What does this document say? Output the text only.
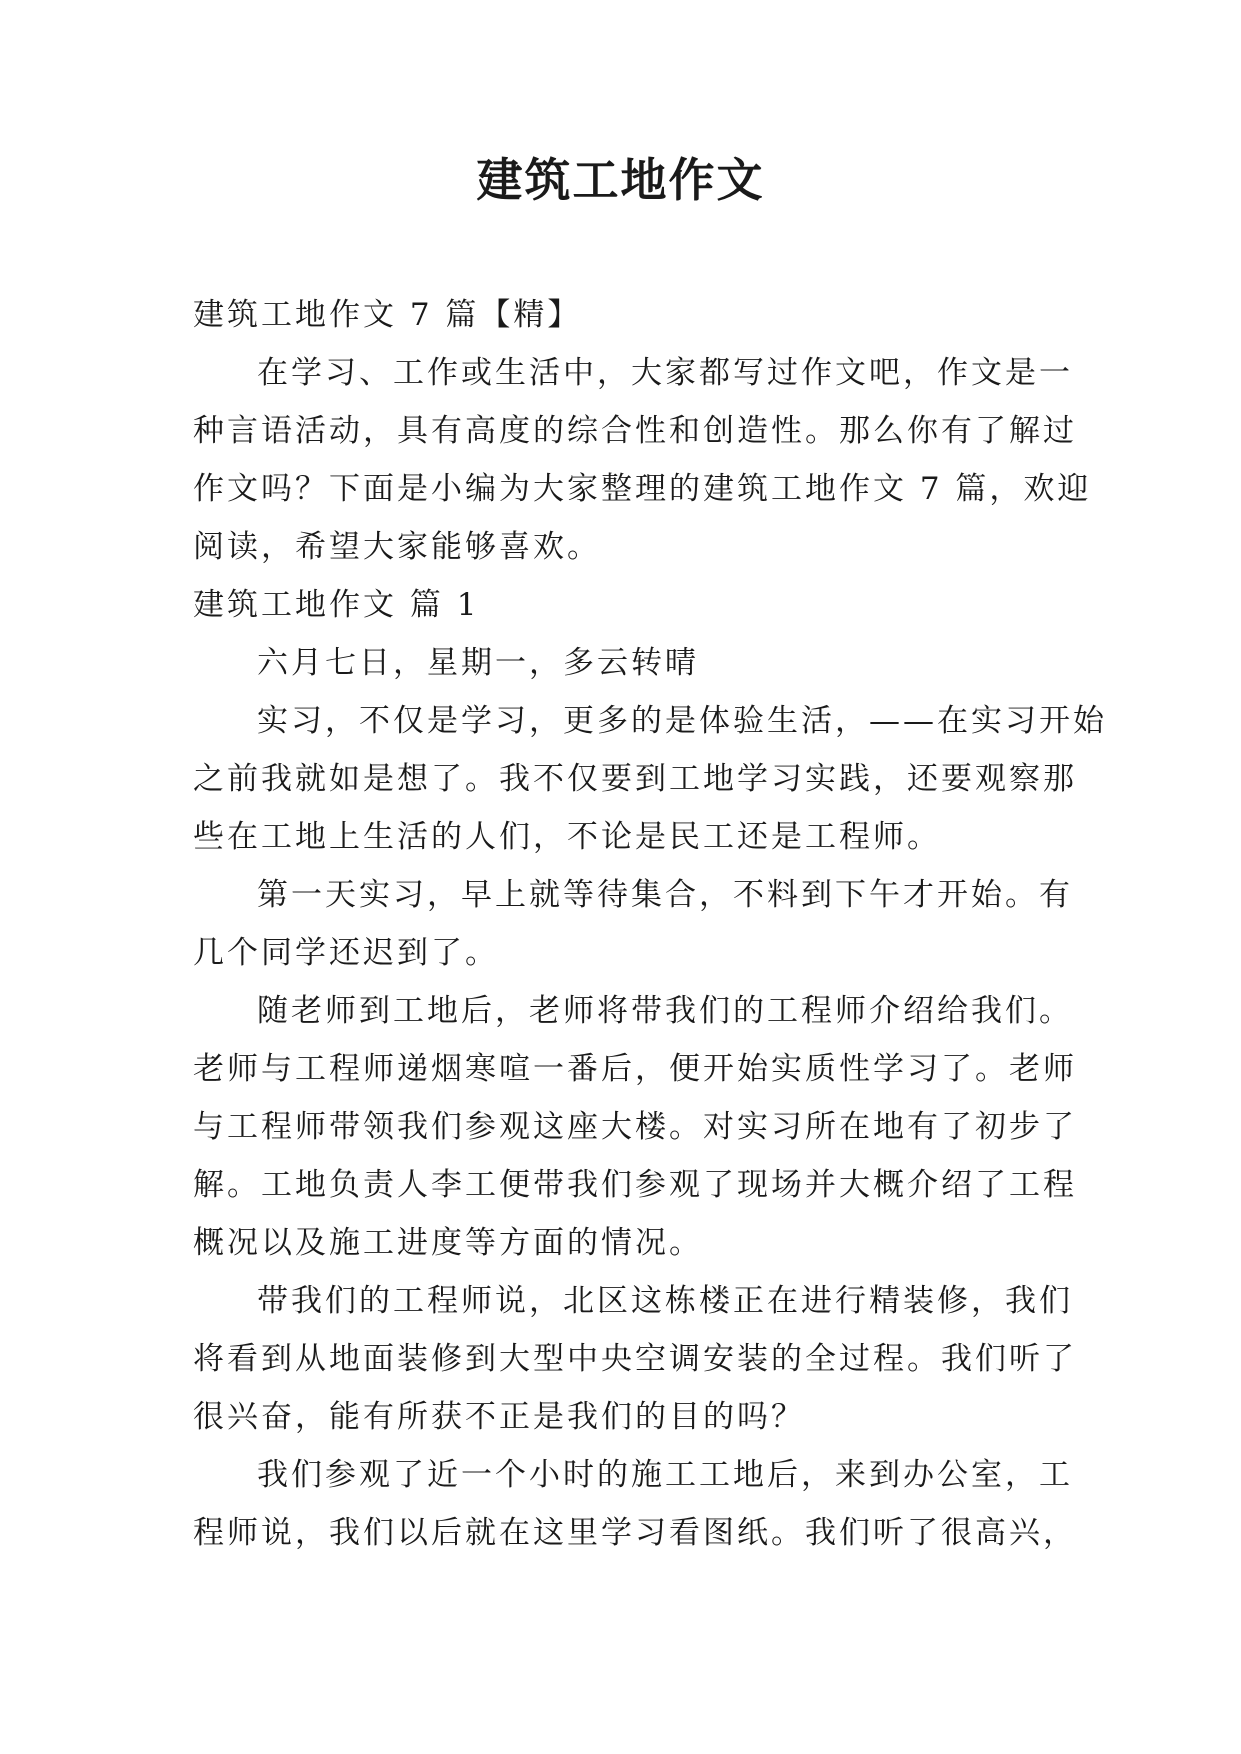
建筑工地作文

建筑工地作文 7 篇【精】

在学习、工作或生活中，大家都写过作文吧，作文是一

种言语活动，具有高度的综合性和创造性。那么你有了解过

作文吗？下面是小编为大家整理的建筑工地作文 7 篇，欢迎

阅读，希望大家能够喜欢。

建筑工地作文 篇 1

六月七日，星期一，多云转晴

实习，不仅是学习，更多的是体验生活，——在实习开始

之前我就如是想了。我不仅要到工地学习实践，还要观察那

些在工地上生活的人们，不论是民工还是工程师。

第一天实习，早上就等待集合，不料到下午才开始。有

几个同学还迟到了。

随老师到工地后，老师将带我们的工程师介绍给我们。

老师与工程师递烟寒喧一番后，便开始实质性学习了。老师

与工程师带领我们参观这座大楼。对实习所在地有了初步了

解。工地负责人李工便带我们参观了现场并大概介绍了工程

概况以及施工进度等方面的情况。

带我们的工程师说，北区这栋楼正在进行精装修，我们

将看到从地面装修到大型中央空调安装的全过程。我们听了

很兴奋，能有所获不正是我们的目的吗？

我们参观了近一个小时的施工工地后，来到办公室，工

程师说，我们以后就在这里学习看图纸。我们听了很高兴，
